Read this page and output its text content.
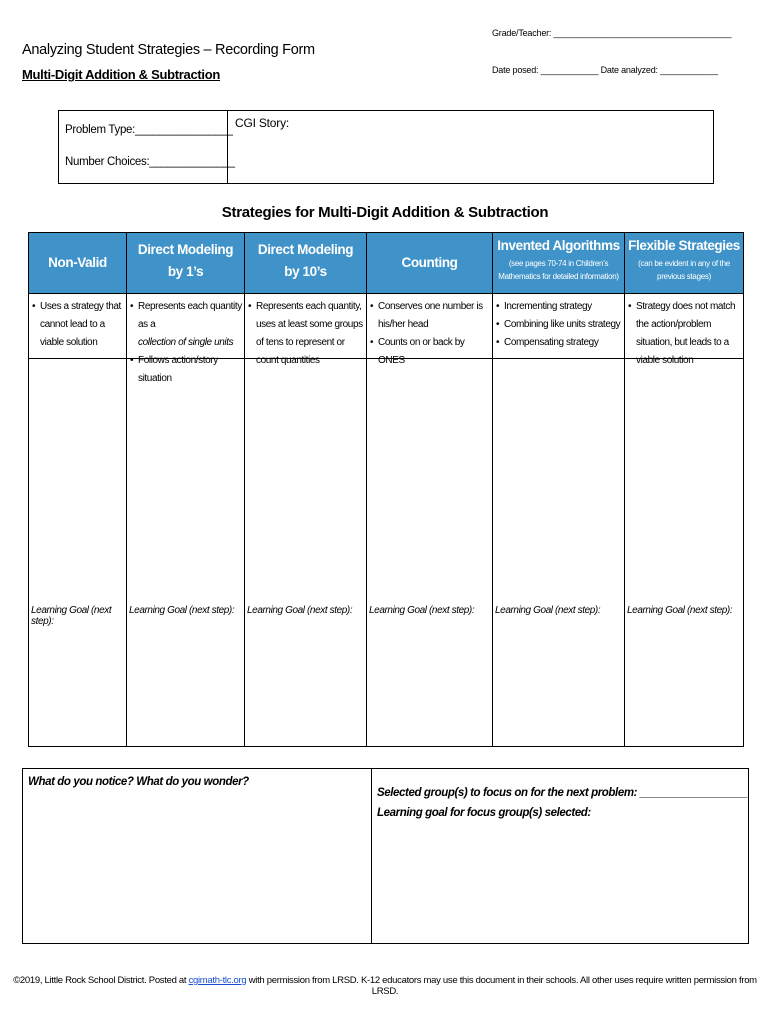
Grade/Teacher: _____________________________________
Date posed: ____________ Date analyzed: ____________
Analyzing Student Strategies – Recording Form
Multi-Digit Addition & Subtraction
Problem Type:________________
Number Choices:______________
CGI Story:
Strategies for Multi-Digit Addition & Subtraction
Non-Valid
• Uses a strategy that cannot lead to a viable solution
Learning Goal (next step):
Direct Modeling
by 1’s
• Represents each quantity as a
collection of single units
• Follows action/story situation
Learning Goal (next step):
Direct Modeling
by 10’s
• Represents each quantity, uses at least some groups of tens to represent or count quantities
Learning Goal (next step):
Counting
• Conserves one number is his/her head
• Counts on or back by ONES
Learning Goal (next step):
Invented Algorithms
(see pages 70-74 in Children’s Mathematics for detailed information)
• Incrementing strategy
• Combining like units strategy
• Compensating strategy
Learning Goal (next step):
Flexible Strategies
(can be evident in any of the previous stages)
• Strategy does not match the action/problem situation, but leads to a viable solution
Learning Goal (next step):
What do you notice? What do you wonder?
Selected group(s) to focus on for the next problem: __________________
Learning goal for focus group(s) selected:
©2019, Little Rock School District. Posted at cgimath-tlc.org with permission from LRSD. K-12 educators may use this document in their schools. All other uses require written permission from LRSD.
